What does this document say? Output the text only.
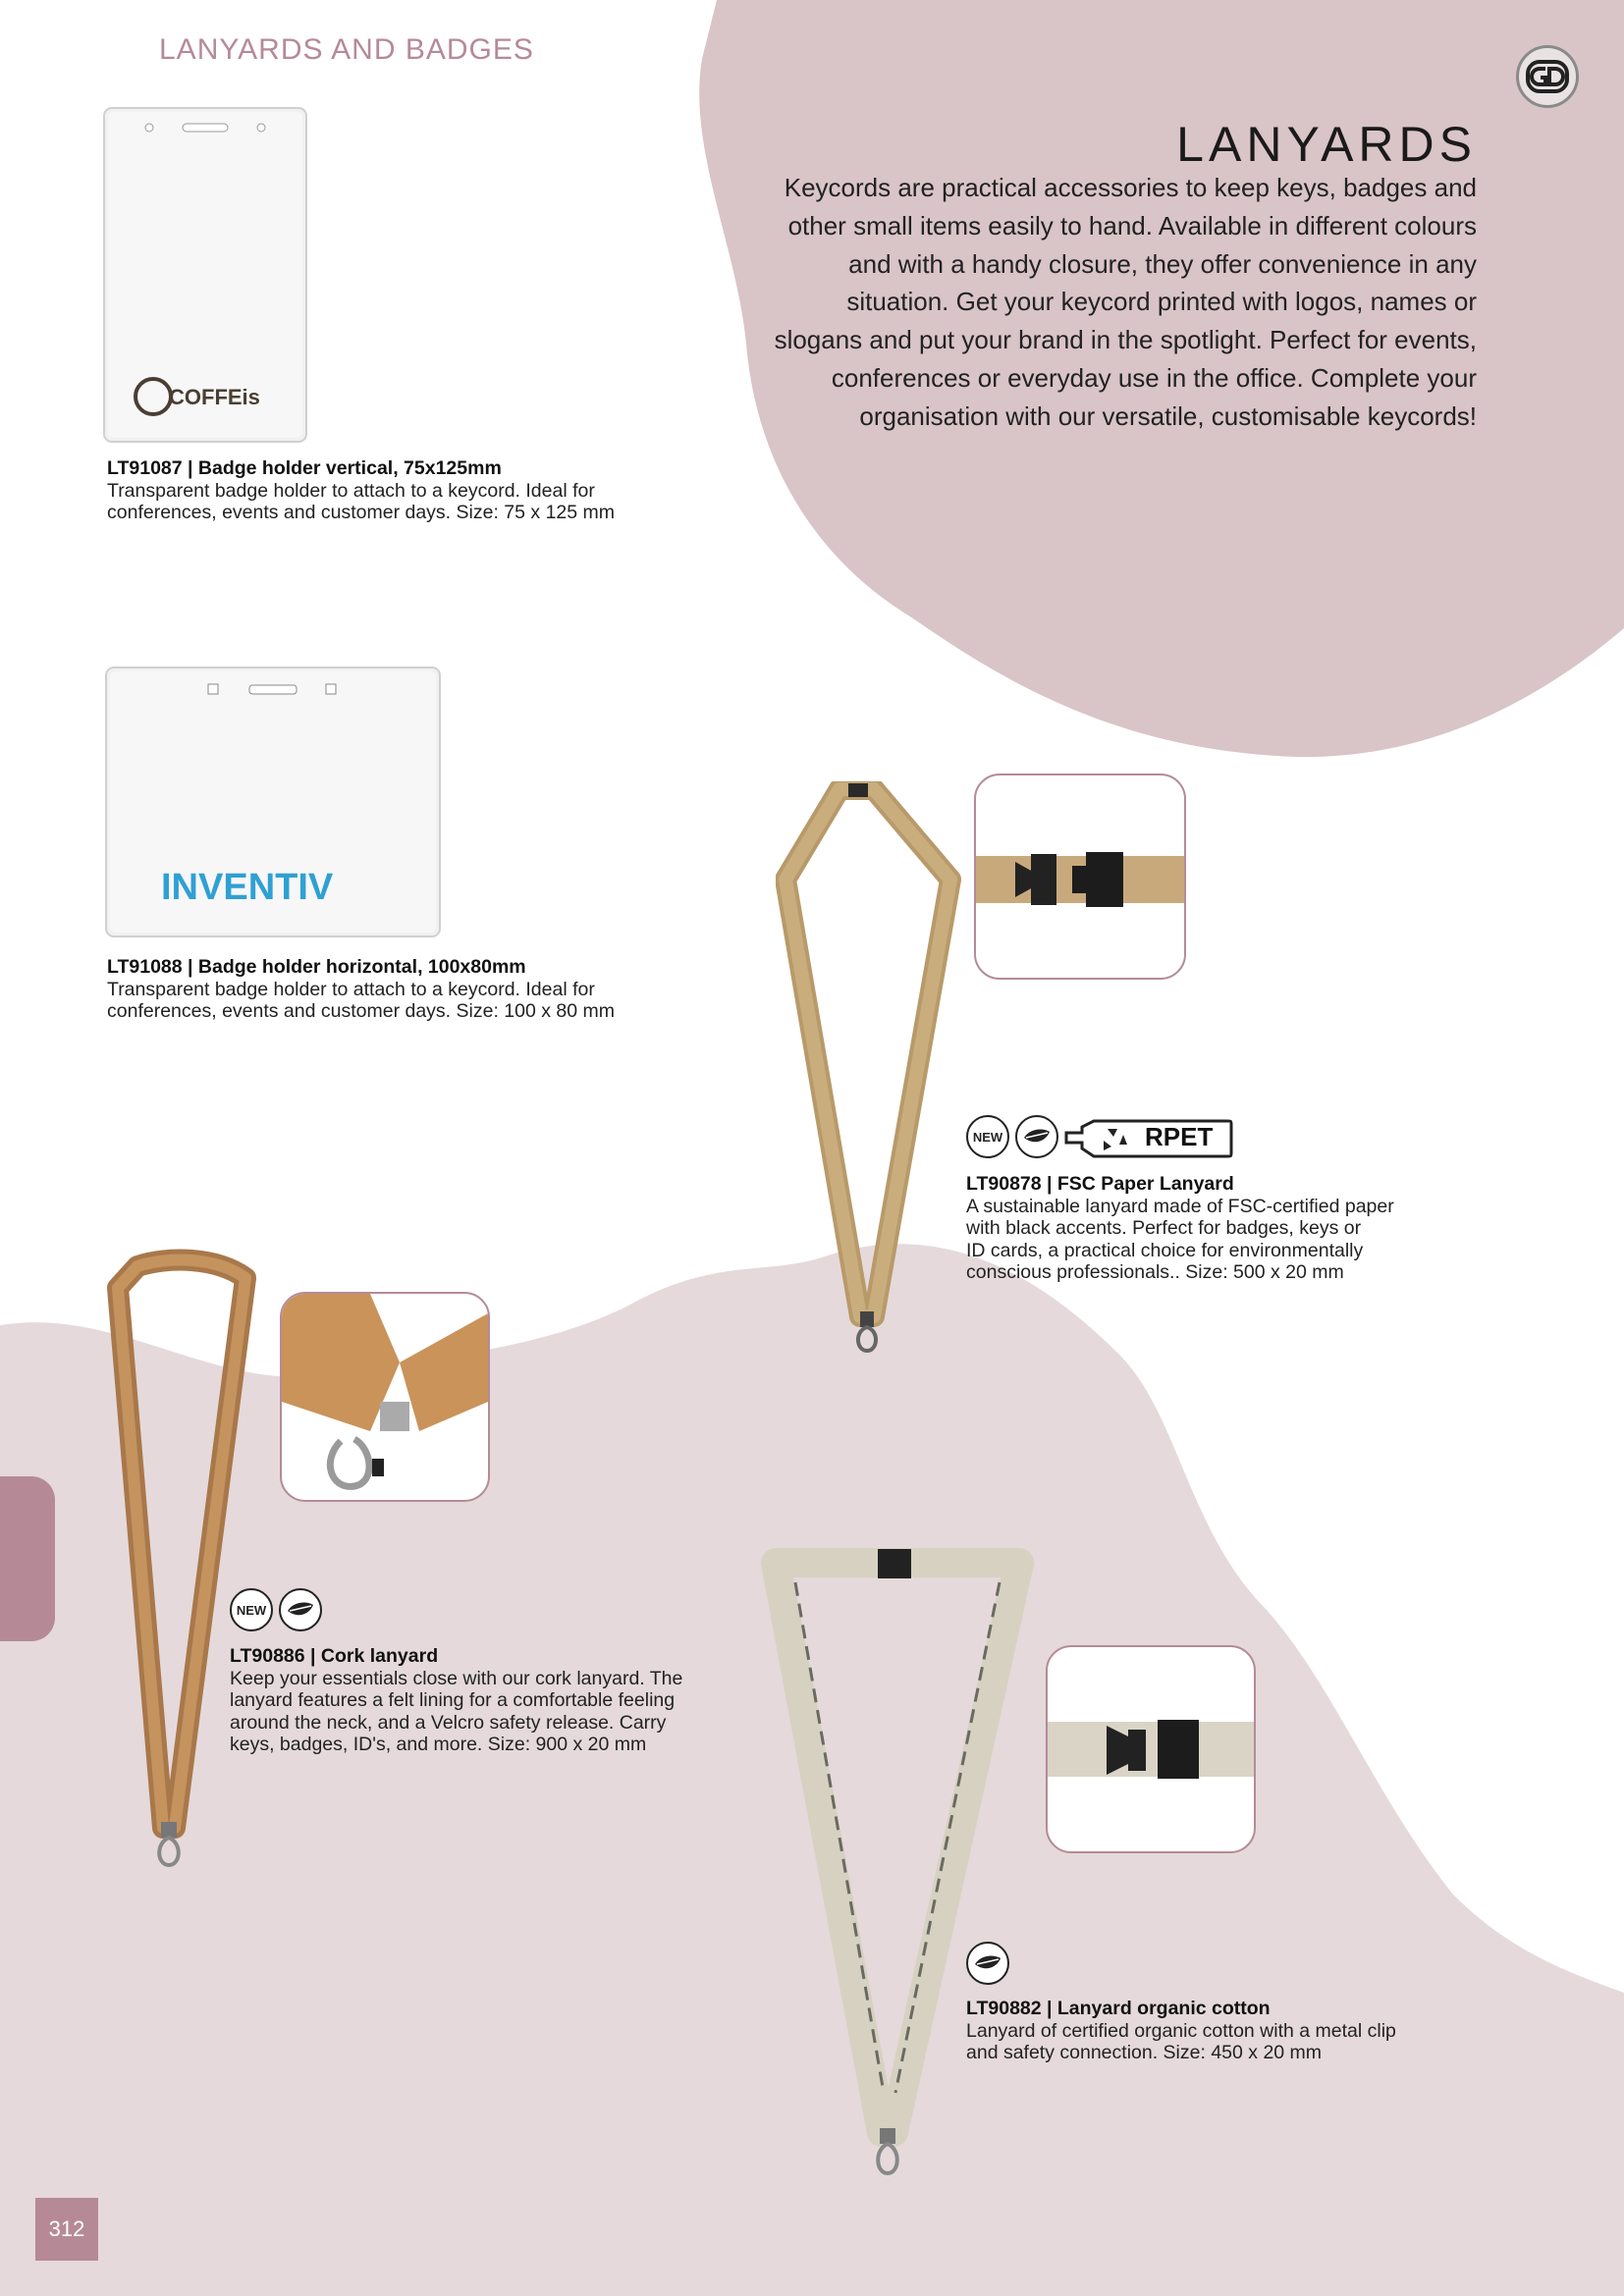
LANYARDS AND BADGES
LANYARDS
Keycords are practical accessories to keep keys, badges and other small items easily to hand. Available in different colours and with a handy closure, they offer convenience in any situation. Get your keycord printed with logos, names or slogans and put your brand in the spotlight. Perfect for events, conferences or everyday use in the office. Complete your organisation with our versatile, customisable keycords!
COFFEis
LT91087 | Badge holder vertical, 75x125mm
Transparent badge holder to attach to a keycord. Ideal for
conferences, events and customer days. Size: 75 x 125 mm
INVENTIV
LT91088 | Badge holder horizontal, 100x80mm
Transparent badge holder to attach to a keycord. Ideal for
conferences, events and customer days. Size: 100 x 80 mm
NEW	RPET
LT90878 | FSC Paper Lanyard
A sustainable lanyard made of FSC-certified paper
with black accents. Perfect for badges, keys or
ID cards, a practical choice for environmentally
conscious professionals.. Size: 500 x 20 mm
NEW
LT90886 | Cork lanyard
Keep your essentials close with our cork lanyard. The
lanyard features a felt lining for a comfortable feeling
around the neck, and a Velcro safety release. Carry
keys, badges, ID's, and more. Size: 900 x 20 mm
LT90882 | Lanyard organic cotton
Lanyard of certified organic cotton with a metal clip
and safety connection. Size: 450 x 20 mm
312
